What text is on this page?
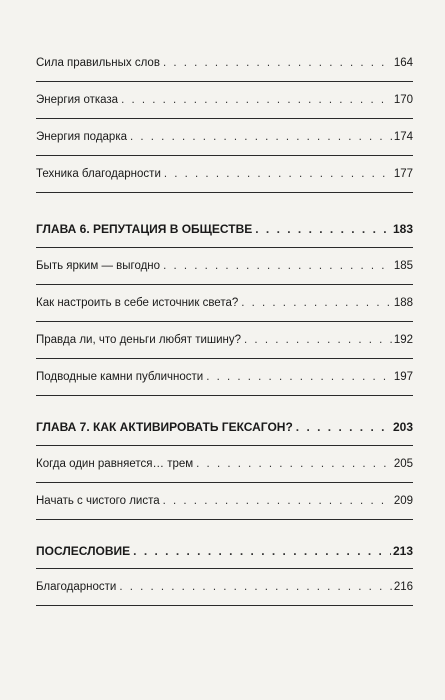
Сила правильных слов . . .	164
Энергия отказа . . .	170
Энергия подарка . . .	174
Техника благодарности . . .	177
ГЛАВА 6. РЕПУТАЦИЯ В ОБЩЕСТВЕ . . .	183
Быть ярким — выгодно . . .	185
Как настроить в себе источник света? . . .	188
Правда ли, что деньги любят тишину? . . .	192
Подводные камни публичности . . .	197
ГЛАВА 7. КАК АКТИВИРОВАТЬ ГЕКСАГОН? . . .	203
Когда один равняется… трем . . .	205
Начать с чистого листа . . .	209
ПОСЛЕСЛОВИЕ . . .	213
Благодарности . . .	216
